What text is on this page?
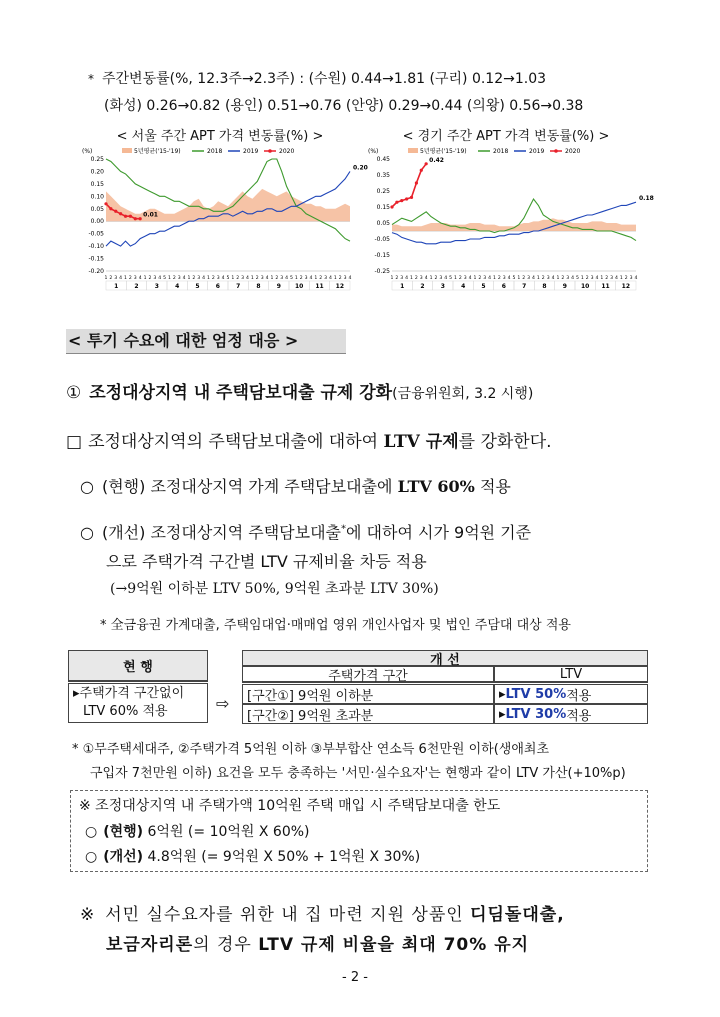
* 주간변동률(%, 12.3주→2.3주) : (수원) 0.44→1.81 (구리) 0.12→1.03
(화성) 0.26→0.82 (용인) 0.51→0.76 (안양) 0.29→0.44 (의왕) 0.56→0.38
< 서울 주간 APT 가격 변동률(%) >
(%)	5년평균('15-'19)	2018	2019	2020
0.25
0.20
0.15
0.10
0.05
0.00
-0.05
-0.10
-0.15
-0.20
0.01
0.20
1 2 3 4 1 2 3 4 1 2 3 4 5 1 2 3 4 1 2 3 4 1 2 3 4 5 1 2 3 4 1 2 3 4 1 2 3 4 5 1 2 3 4 1 2 3 4 1 2 3 4
1	2	3	4	5	6	7	8	9 10 11 12
< 경기 주간 APT 가격 변동률(%) >
(%)	5년평균('15-'19)	2018	2019	2020
0.45
0.35
0.25
0.15
0.05
-0.05
-0.15
-0.25
0.42
0.18
1 2 3 4 1 2 3 4 1 2 3 4 5 1 2 3 4 1 2 3 4 1 2 3 4 5 1 2 3 4 1 2 3 4 1 2 3 4 5 1 2 3 4 1 2 3 4 1 2 3 4
1	2	3	4	5	6	7	8	9 10 11 12
< 투기 수요에 대한 엄정 대응 >
① 조정대상지역 내 주택담보대출 규제 강화(금융위원회, 3.2 시행)
□ 조정대상지역의 주택담보대출에 대하여 LTV 규제를 강화한다.
○ (현행) 조정대상지역 가계 주택담보대출에 LTV 60% 적용
○ (개선) 조정대상지역 주택담보대출*에 대하여 시가 9억원 기준
으로 주택가격 구간별 LTV 규제비율 차등 적용
(→9억원 이하분 LTV 50%, 9억원 초과분 LTV 30%)
* 全금융권 가계대출, 주택임대업·매매업 영위 개인사업자 및 법인 주담대 대상 적용
현 행
▸주택가격 구간없이
LTV 60% 적용	⇨
개 선
주택가격 구간	LTV
[구간①] 9억원 이하분	▸ LTV 50% 적용
[구간②] 9억원 초과분	▸ LTV 30% 적용
* ①무주택세대주, ②주택가격 5억원 이하 ③부부합산 연소득 6천만원 이하(생애최초
구입자 7천만원 이하) 요건을 모두 충족하는 '서민·실수요자'는 현행과 같이 LTV 가산(+10%p)
※ 조정대상지역 내 주택가액 10억원 주택 매입 시 주택담보대출 한도
○ (현행) 6억원 (= 10억원 X 60%)
○ (개선) 4.8억원 (= 9억원 X 50% + 1억원 X 30%)
※ 서민 실수요자를 위한 내 집 마련 지원 상품인 디딤돌대출,
보금자리론의 경우 LTV 규제 비율을 최대 70% 유지
- 2 -
